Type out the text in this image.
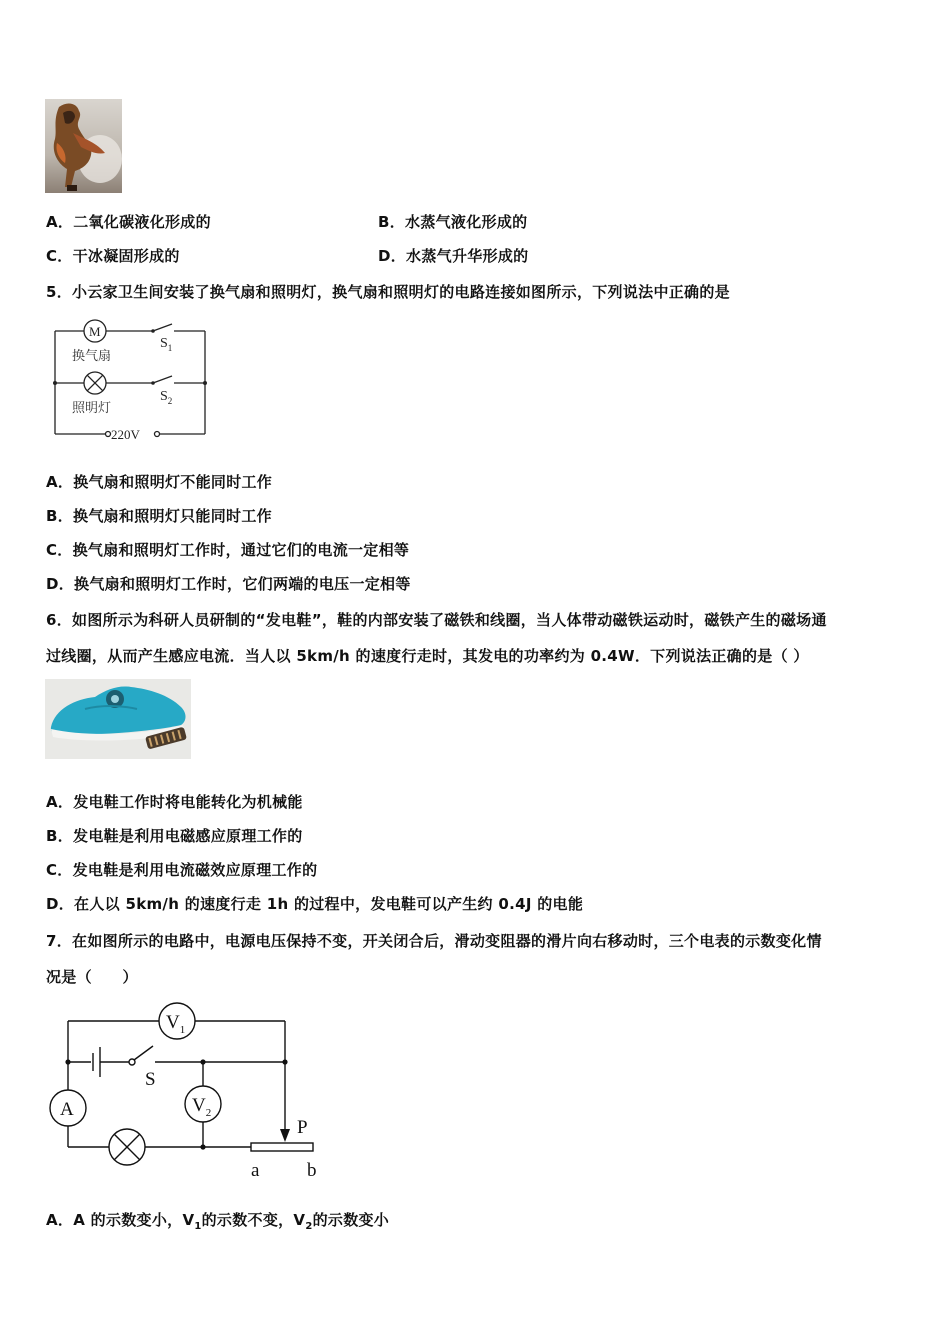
A．二氧化碳液化形成的	B．水蒸气液化形成的
C．干冰凝固形成的	D．水蒸气升华形成的
5．小云家卫生间安装了换气扇和照明灯，换气扇和照明灯的电路连接如图所示，下列说法中正确的是
M
$S_1$
$S_2$
220V
换气扇
照明灯
A．换气扇和照明灯不能同时工作
B．换气扇和照明灯只能同时工作
C．换气扇和照明灯工作时，通过它们的电流一定相等
D．换气扇和照明灯工作时，它们两端的电压一定相等
6．如图所示为科研人员研制的“发电鞋”，鞋的内部安装了磁铁和线圈，当人体带动磁铁运动时，磁铁产生的磁场通
过线圈，从而产生感应电流．当人以 5km/h 的速度行走时，其发电的功率约为 0.4W．下列说法正确的是（ ）
A．发电鞋工作时将电能转化为机械能
B．发电鞋是利用电磁感应原理工作的
C．发电鞋是利用电流磁效应原理工作的
D．在人以 5km/h 的速度行走 1h 的过程中，发电鞋可以产生约 0.4J 的电能
7．在如图所示的电路中，电源电压保持不变，开关闭合后，滑动变阻器的滑片向右移动时，三个电表的示数变化情
况是（　　）
$V_1$
$V_2$
A
S
P
a	b
A．A 的示数变小，$V_1$的示数不变，$V_2$的示数变小
